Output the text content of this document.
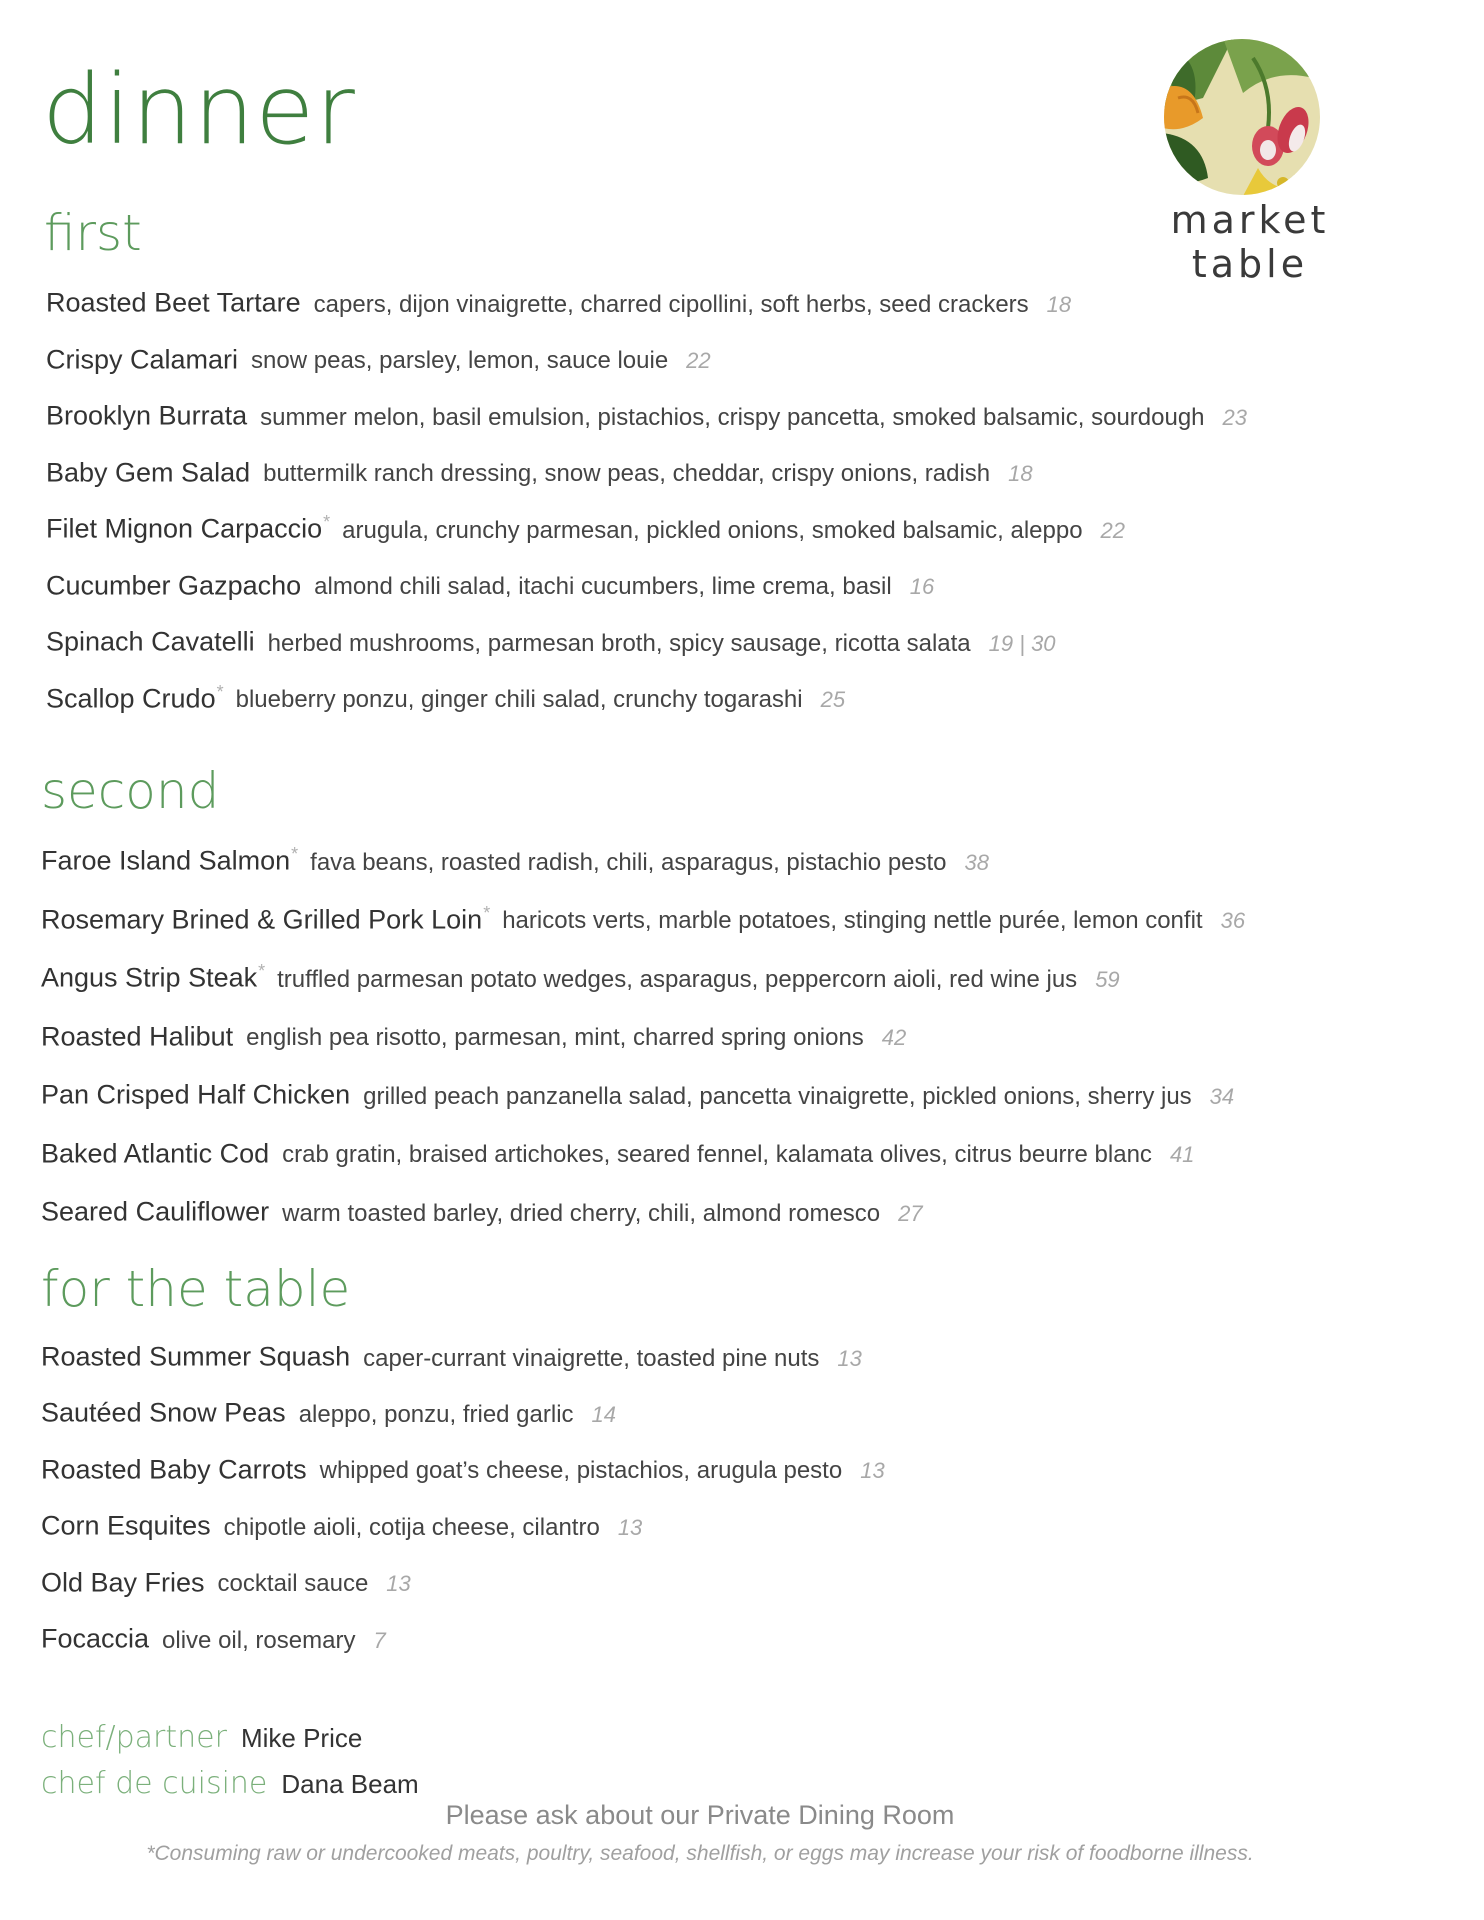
dinner
market table
first
Roasted Beet Tartare capers, dijon vinaigrette, charred cipollini, soft herbs, seed crackers 18
Crispy Calamari snow peas, parsley, lemon, sauce louie 22
Brooklyn Burrata summer melon, basil emulsion, pistachios, crispy pancetta, smoked balsamic, sourdough 23
Baby Gem Salad buttermilk ranch dressing, snow peas, cheddar, crispy onions, radish 18
Filet Mignon Carpaccio* arugula, crunchy parmesan, pickled onions, smoked balsamic, aleppo 22
Cucumber Gazpacho almond chili salad, itachi cucumbers, lime crema, basil 16
Spinach Cavatelli herbed mushrooms, parmesan broth, spicy sausage, ricotta salata 19 | 30
Scallop Crudo* blueberry ponzu, ginger chili salad, crunchy togarashi 25
second
Faroe Island Salmon* fava beans, roasted radish, chili, asparagus, pistachio pesto 38
Rosemary Brined & Grilled Pork Loin* haricots verts, marble potatoes, stinging nettle purée, lemon confit 36
Angus Strip Steak* truffled parmesan potato wedges, asparagus, peppercorn aioli, red wine jus 59
Roasted Halibut english pea risotto, parmesan, mint, charred spring onions 42
Pan Crisped Half Chicken grilled peach panzanella salad, pancetta vinaigrette, pickled onions, sherry jus 34
Baked Atlantic Cod crab gratin, braised artichokes, seared fennel, kalamata olives, citrus beurre blanc 41
Seared Cauliflower warm toasted barley, dried cherry, chili, almond romesco 27
for the table
Roasted Summer Squash caper-currant vinaigrette, toasted pine nuts 13
Sautéed Snow Peas aleppo, ponzu, fried garlic 14
Roasted Baby Carrots whipped goat’s cheese, pistachios, arugula pesto 13
Corn Esquites chipotle aioli, cotija cheese, cilantro 13
Old Bay Fries cocktail sauce 13
Focaccia olive oil, rosemary 7
chef/partner Mike Price
chef de cuisine Dana Beam
Please ask about our Private Dining Room
*Consuming raw or undercooked meats, poultry, seafood, shellfish, or eggs may increase your risk of foodborne illness.
